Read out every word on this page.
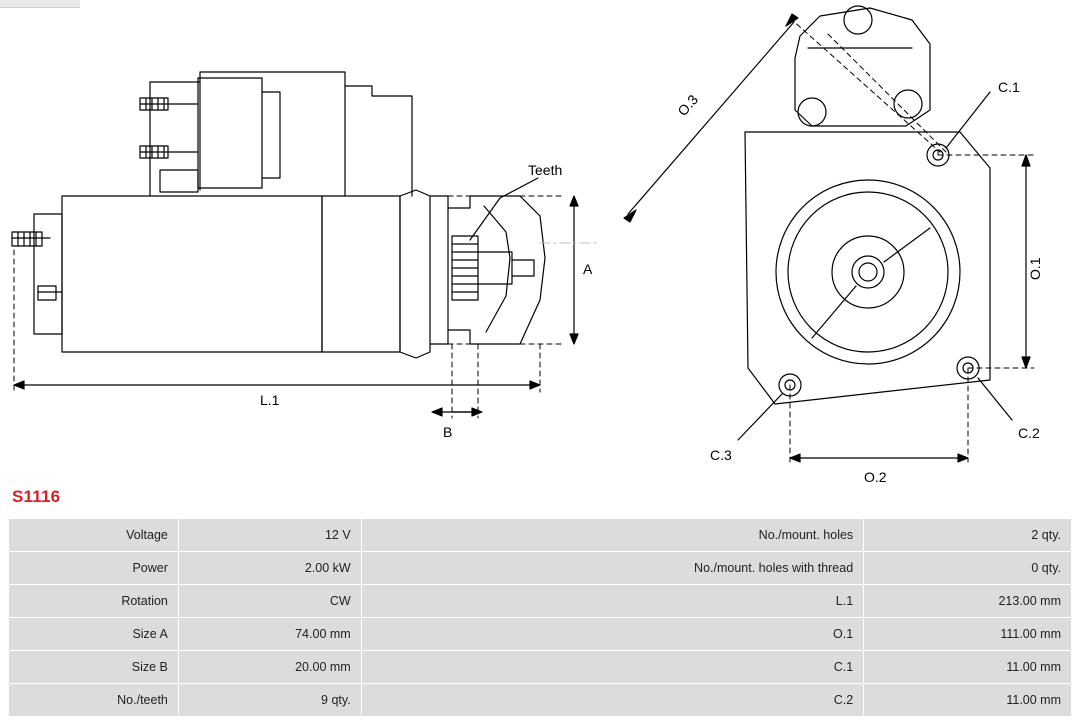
Teeth
A
L.1
B
O.3
O.1
O.2
C.1
C.2
C.3
S1116
Voltage	12 V	No./mount. holes	2 qty.
Power	2.00 kW	No./mount. holes with thread	0 qty.
Rotation	CW	L.1	213.00 mm
Size A	74.00 mm	O.1	111.00 mm
Size B	20.00 mm	C.1	11.00 mm
No./teeth	9 qty.	C.2	11.00 mm
